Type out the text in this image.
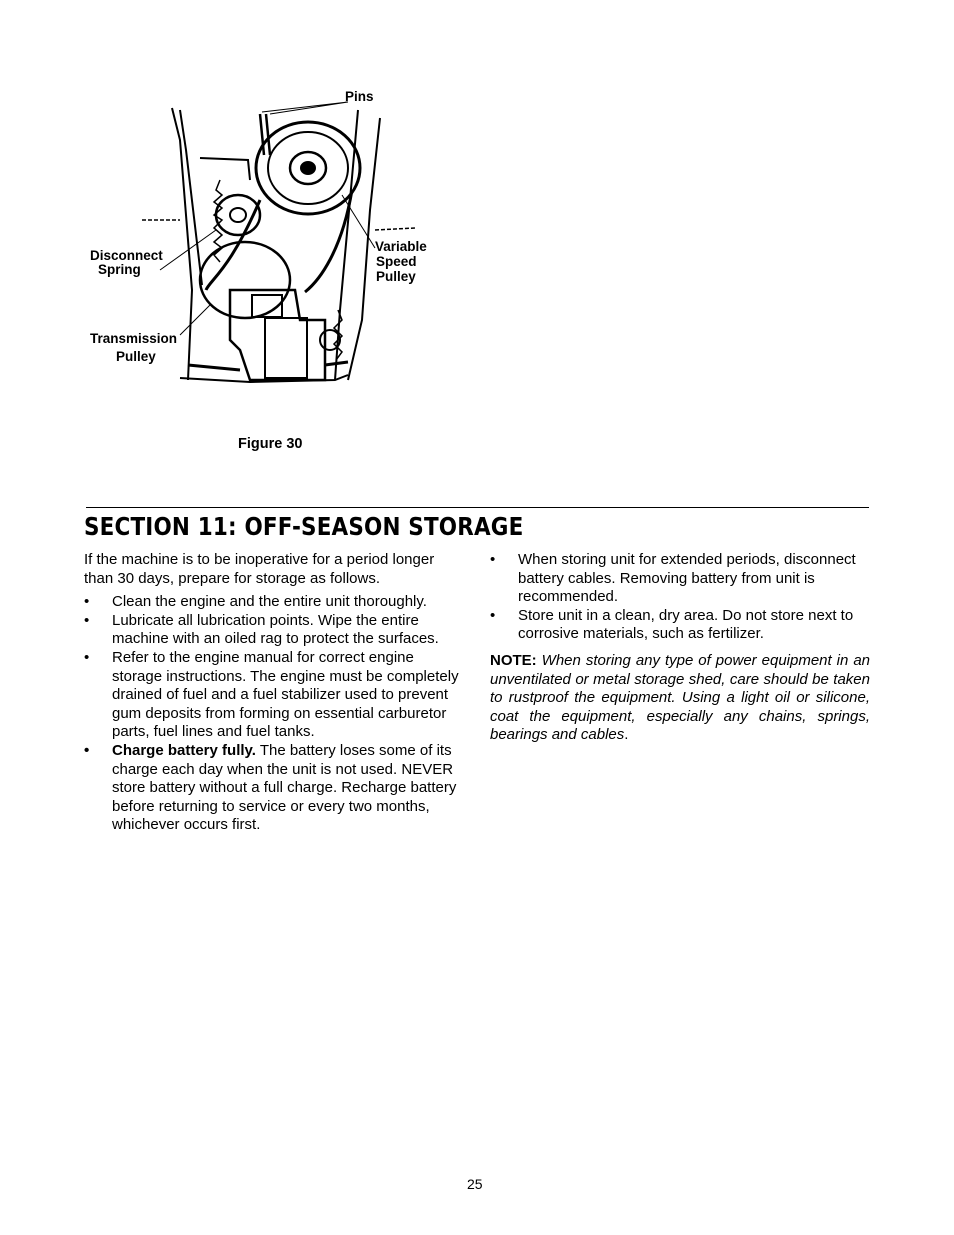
Pins
Disconnect
Spring
Variable
Speed
Pulley
Transmission
Pulley
Figure 30
SECTION 11: OFF-SEASON STORAGE

If the machine is to be inoperative for a period longer than 30 days, prepare for storage as follows.

• Clean the engine and the entire unit thoroughly.
• Lubricate all lubrication points. Wipe the entire machine with an oiled rag to protect the surfaces.
• Refer to the engine manual for correct engine storage instructions. The engine must be completely drained of fuel and a fuel stabilizer used to prevent gum deposits from forming on essential carburetor parts, fuel lines and fuel tanks.
• Charge battery fully. The battery loses some of its charge each day when the unit is not used. NEVER store battery without a full charge. Recharge battery before returning to service or every two months, whichever occurs first.
• When storing unit for extended periods, disconnect battery cables. Removing battery from unit is recommended.
• Store unit in a clean, dry area. Do not store next to corrosive materials, such as fertilizer.

NOTE: When storing any type of power equipment in an unventilated or metal storage shed, care should be taken to rustproof the equipment. Using a light oil or silicone, coat the equipment, especially any chains, springs, bearings and cables.

25
